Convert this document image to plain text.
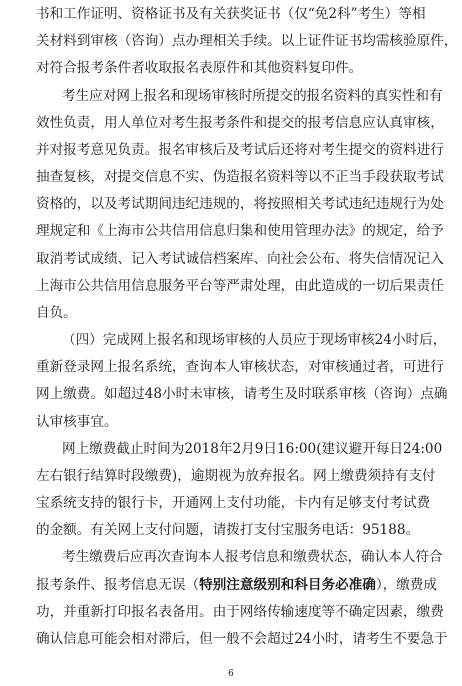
书和工作证明、资格证书及有关获奖证书（仅“免2科”考生）等相
关材料到审核（咨询）点办理相关手续。以上证件证书均需核验原件，
对符合报考条件者收取报名表原件和其他资料复印件。
考生应对网上报名和现场审核时所提交的报名资料的真实性和有
效性负责，用人单位对考生报考条件和提交的报考信息应认真审核，
并对报考意见负责。报名审核后及考试后还将对考生提交的资料进行
抽查复核，对提交信息不实、伪造报名资料等以不正当手段获取考试
资格的，以及考试期间违纪违规的，将按照相关考试违纪违规行为处
理规定和《上海市公共信用信息归集和使用管理办法》的规定，给予
取消考试成绩、记入考试诚信档案库、向社会公布、将失信情况记入
上海市公共信用信息服务平台等严肃处理，由此造成的一切后果责任
自负。
（四）完成网上报名和现场审核的人员应于现场审核24小时后，
重新登录网上报名系统，查询本人审核状态，对审核通过者，可进行
网上缴费。如超过48小时未审核，请考生及时联系审核（咨询）点确
认审核事宜。
网上缴费截止时间为2018年2月9日16:00(建议避开每日24:00
左右银行结算时段缴费)，逾期视为放弃报名。网上缴费须持有支付
宝系统支持的银行卡，开通网上支付功能，卡内有足够支付考试费
的金额。有关网上支付问题，请拨打支付宝服务电话：95188。
考生缴费后应再次查询本人报考信息和缴费状态，确认本人符合
报考条件、报考信息无误（特别注意级别和科目务必准确），缴费成
功，并重新打印报名表备用。由于网络传输速度等不确定因素，缴费
确认信息可能会相对滞后，但一般不会超过24小时，请考生不要急于
6
